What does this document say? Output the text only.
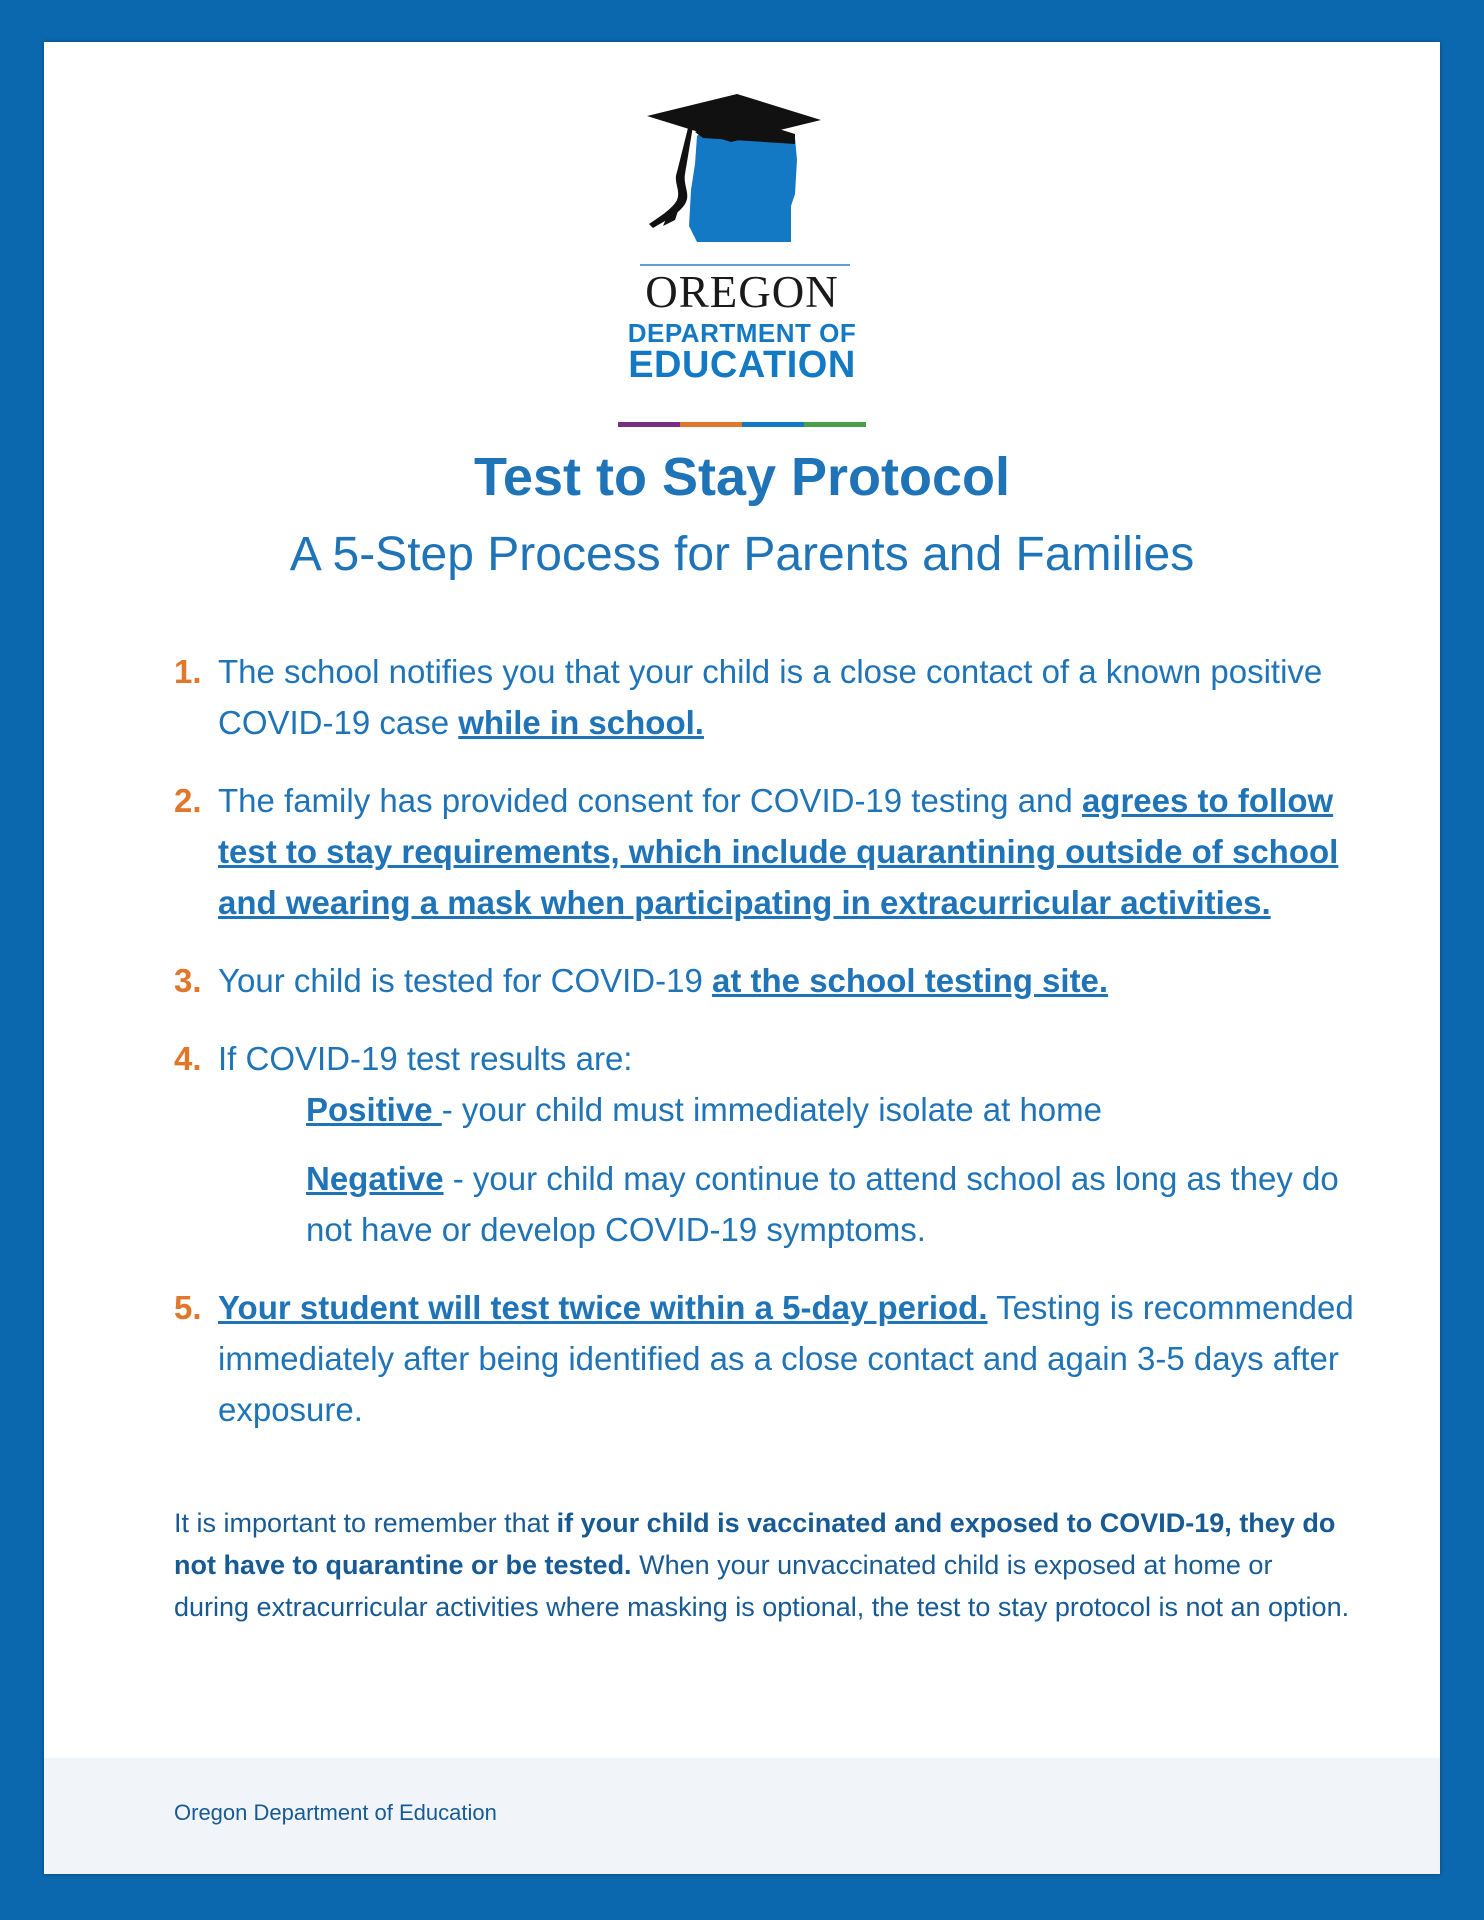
OREGON
DEPARTMENT OF
EDUCATION
Test to Stay Protocol
A 5-Step Process for Parents and Families
1. The school notifies you that your child is a close contact of a known positive COVID-19 case while in school.
2. The family has provided consent for COVID-19 testing and agrees to follow test to stay requirements, which include quarantining outside of school and wearing a mask when participating in extracurricular activities.
3. Your child is tested for COVID-19 at the school testing site.
4. If COVID-19 test results are:
Positive - your child must immediately isolate at home
Negative - your child may continue to attend school as long as they do not have or develop COVID-19 symptoms.
5. Your student will test twice within a 5-day period. Testing is recommended immediately after being identified as a close contact and again 3-5 days after exposure.
It is important to remember that if your child is vaccinated and exposed to COVID-19, they do not have to quarantine or be tested. When your unvaccinated child is exposed at home or during extracurricular activities where masking is optional, the test to stay protocol is not an option.
Oregon Department of Education
